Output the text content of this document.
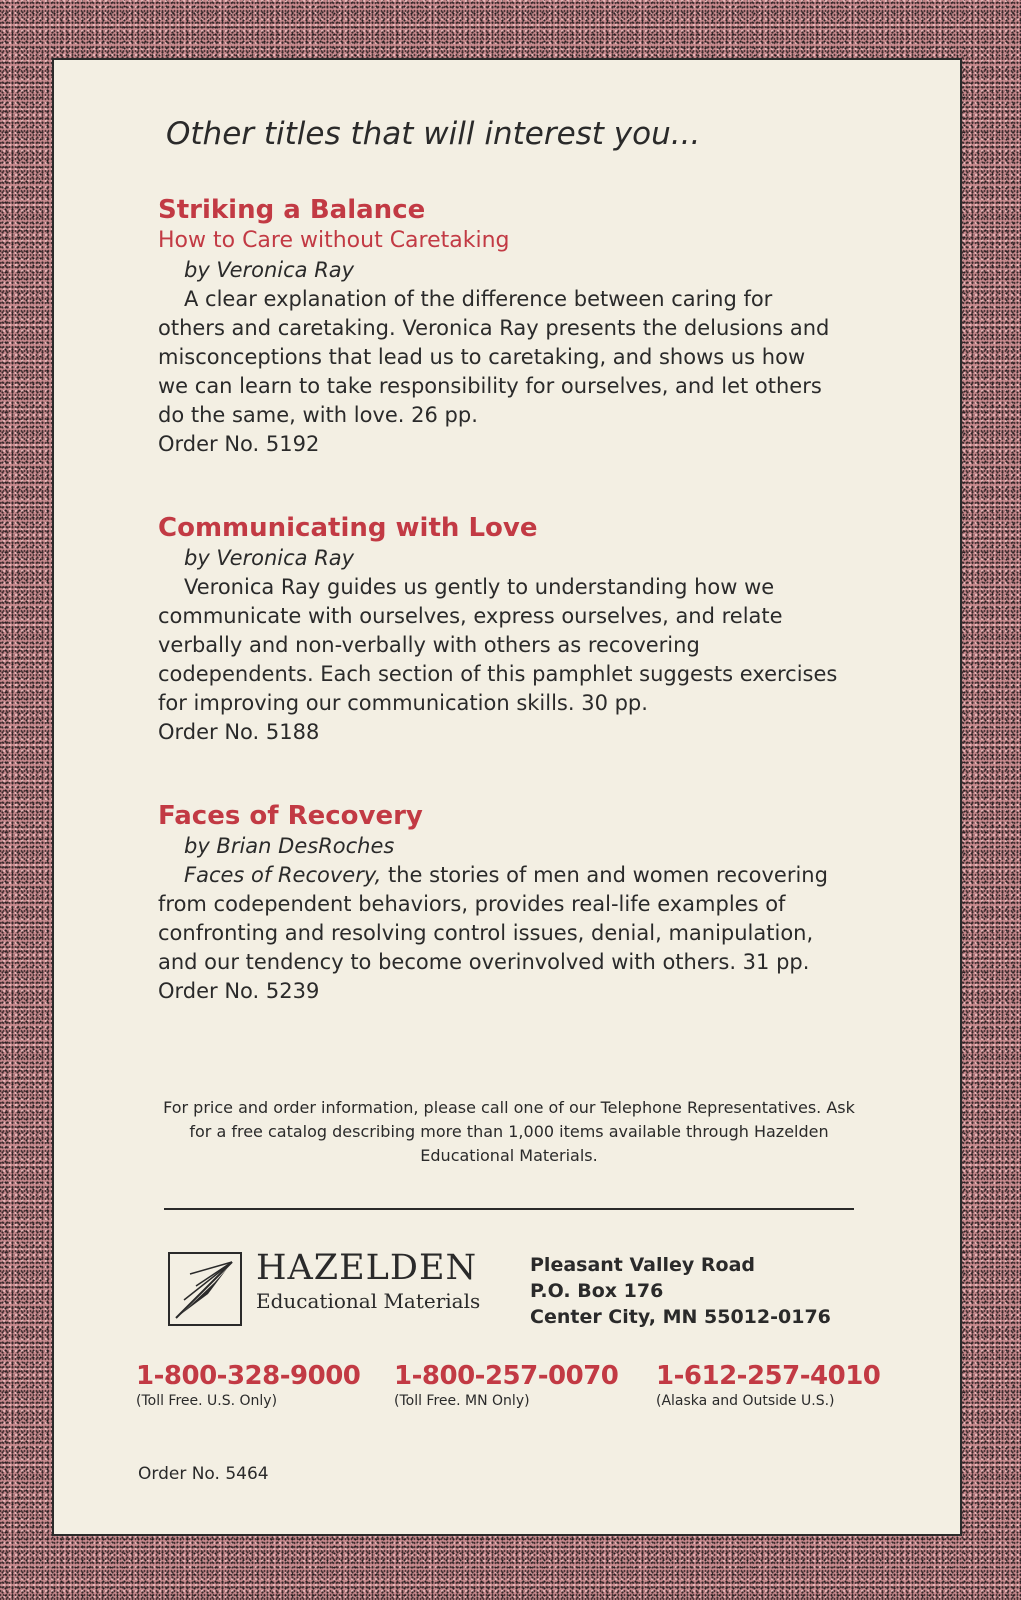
Other titles that will interest you...

Striking a Balance

How to Care without Caretaking

by Veronica Ray

A clear explanation of the difference between caring for others and caretaking. Veronica Ray presents the delusions and misconceptions that lead us to caretaking, and shows us how we can learn to take responsibility for ourselves, and let others do the same, with love. 26 pp.

Order No. 5192

Communicating with Love

by Veronica Ray

Veronica Ray guides us gently to understanding how we communicate with ourselves, express ourselves, and relate verbally and non-verbally with others as recovering codependents. Each section of this pamphlet suggests exercises for improving our communication skills. 30 pp.

Order No. 5188

Faces of Recovery

by Brian DesRoches

Faces of Recovery, the stories of men and women recovering from codependent behaviors, provides real-life examples of confronting and resolving control issues, denial, manipulation, and our tendency to become overinvolved with others. 31 pp.

Order No. 5239

For price and order information, please call one of our Telephone Representatives. Ask for a free catalog describing more than 1,000 items available through Hazelden Educational Materials.
HAZELDEN
Educational Materials
Pleasant Valley Road
P.O. Box 176
Center City, MN 55012-0176
1-800-328-9000
(Toll Free. U.S. Only)
1-800-257-0070
(Toll Free. MN Only)
1-612-257-4010
(Alaska and Outside U.S.)
Order No. 5464
